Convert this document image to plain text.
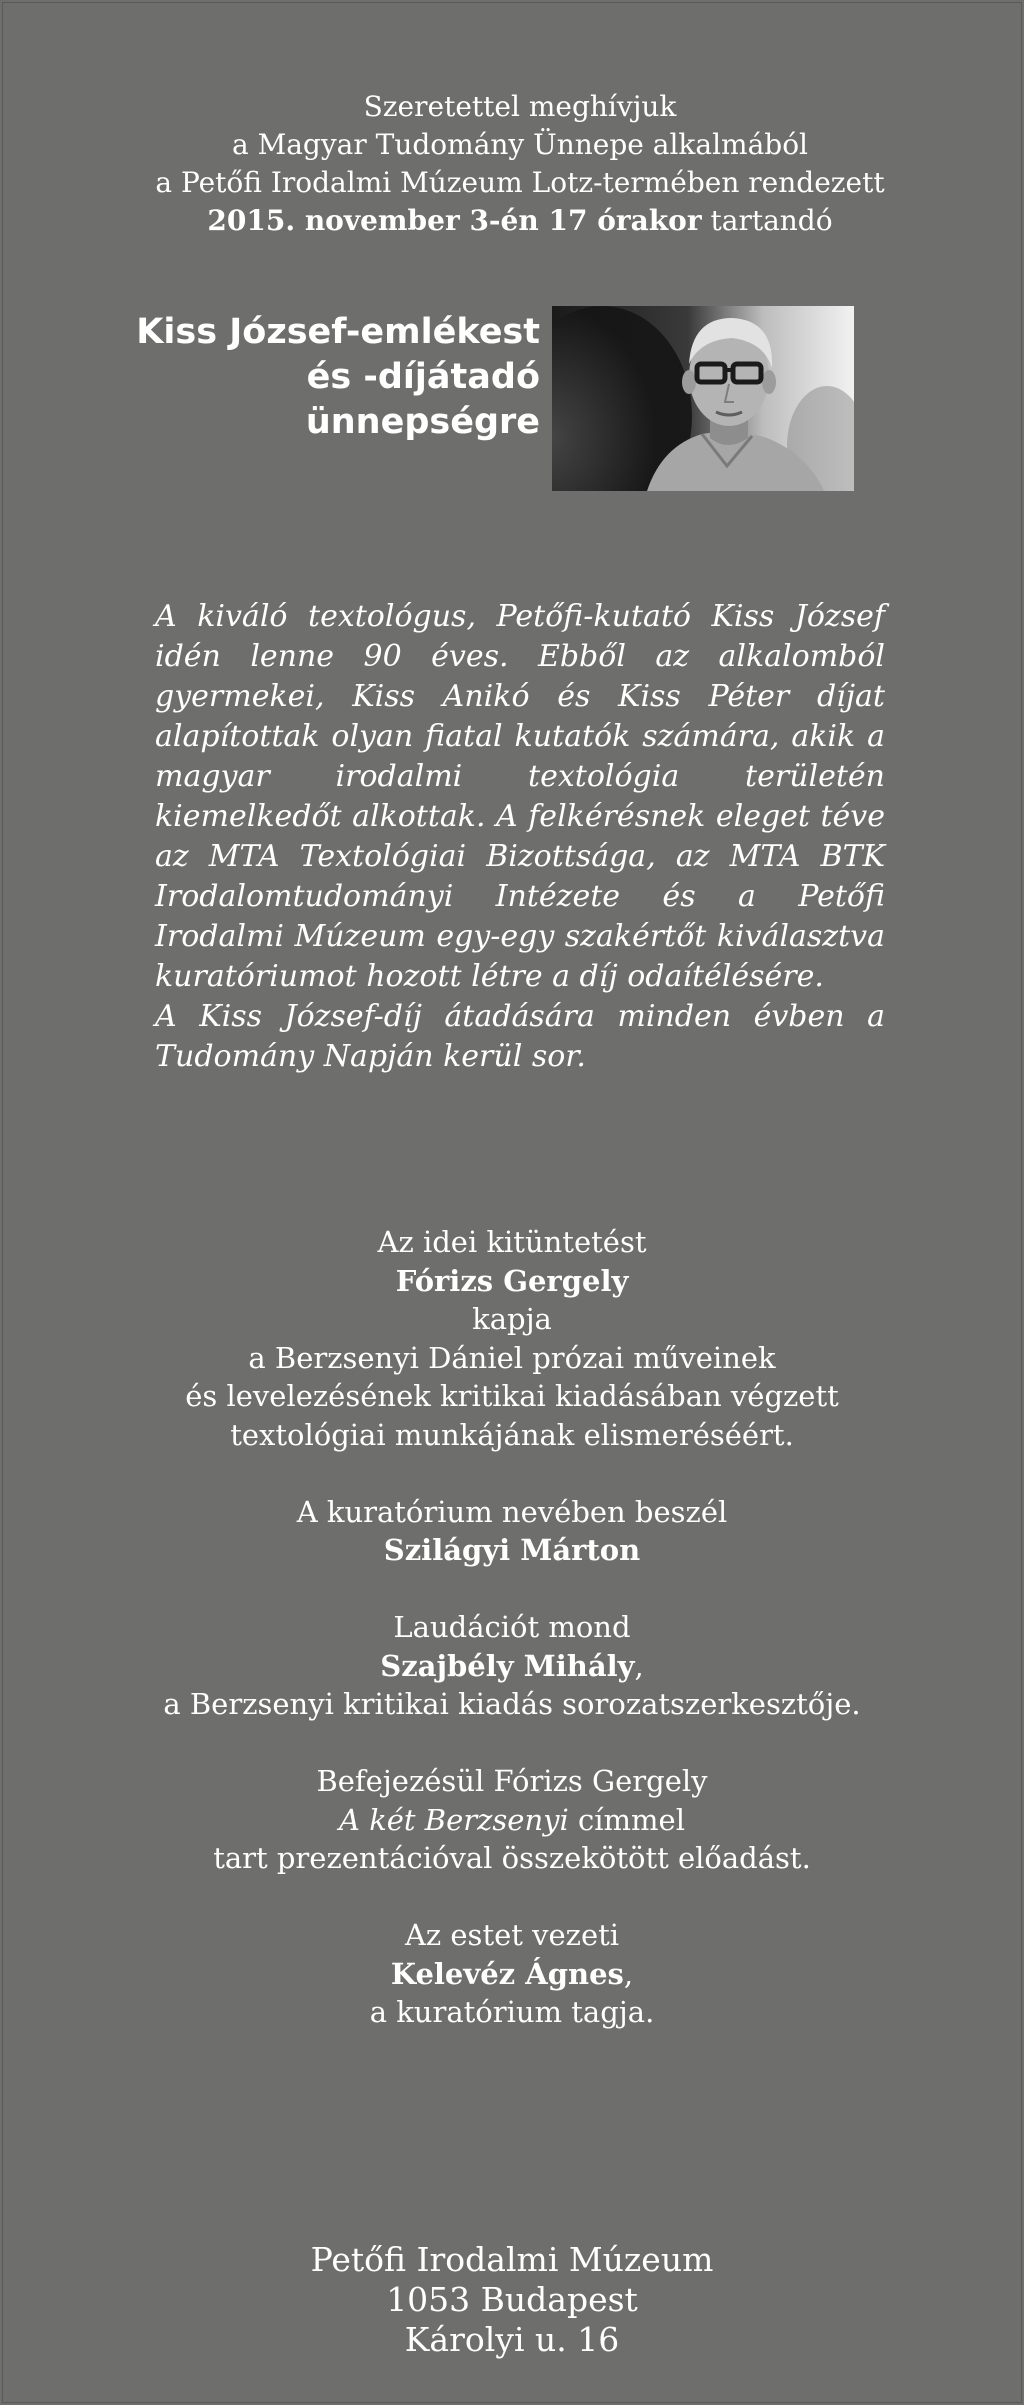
Szeretettel meghívjuk
a Magyar Tudomány Ünnepe alkalmából
a Petőfi Irodalmi Múzeum Lotz-termében rendezett
2015. november 3-én 17 órakor tartandó
Kiss József-emlékest
és -díjátadó
ünnepségre

A kiváló textológus, Petőfi-kutató Kiss József idén lenne 90 éves. Ebből az alkalomból gyermekei, Kiss Anikó és Kiss Péter díjat alapítottak olyan fiatal kutatók számára, akik a magyar irodalmi textológia területén kiemelkedőt alkottak. A felkérésnek eleget téve az MTA Textológiai Bizottsága, az MTA BTK Irodalomtudományi Intézete és a Petőfi Irodalmi Múzeum egy-egy szakértőt kiválasztva kuratóriumot hozott létre a díj odaítélésére.

A Kiss József-díj átadására minden évben a Tudomány Napján kerül sor.

Az idei kitüntetést
Fórizs Gergely
kapja
a Berzsenyi Dániel prózai műveinek
és levelezésének kritikai kiadásában végzett
textológiai munkájának elismeréséért.
A kuratórium nevében beszél
Szilágyi Márton
Laudációt mond
Szajbély Mihály,
a Berzsenyi kritikai kiadás sorozatszerkesztője.
Befejezésül Fórizs Gergely
A két Berzsenyi címmel
tart prezentációval összekötött előadást.
Az estet vezeti
Kelevéz Ágnes,
a kuratórium tagja.
Petőfi Irodalmi Múzeum
1053 Budapest
Károlyi u. 16
